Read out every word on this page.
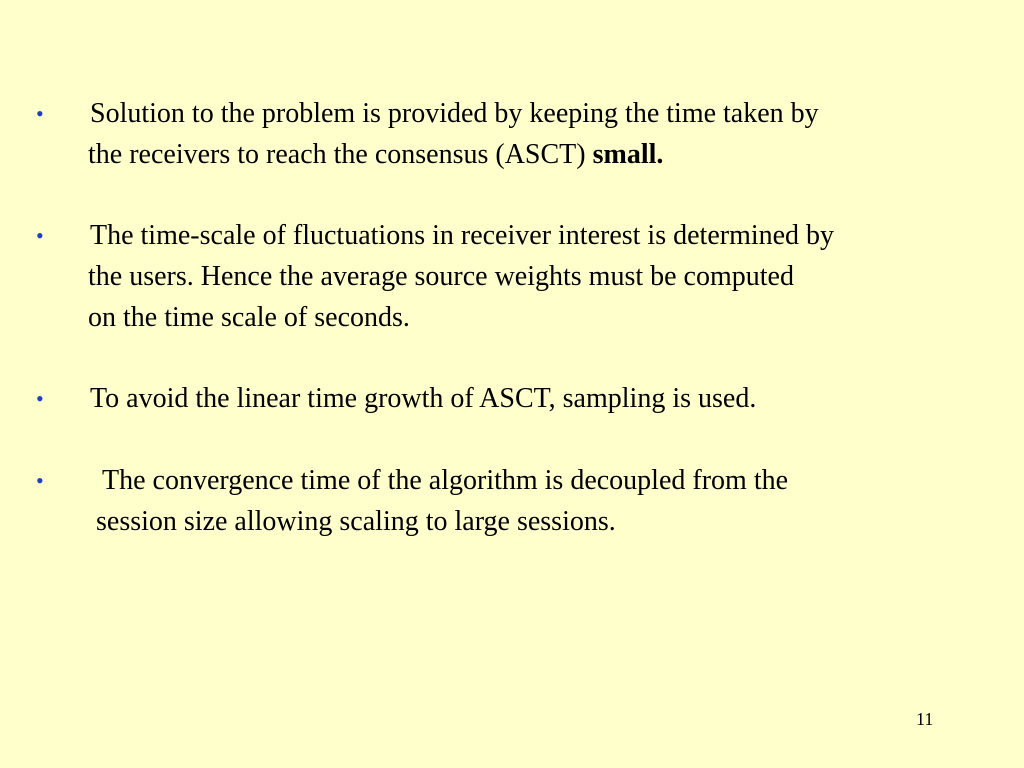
• Solution to the problem is provided by keeping the time taken by
the receivers to reach the consensus (ASCT) small.
• The time-scale of fluctuations in receiver interest is determined by
the users. Hence the average source weights must be computed
on the time scale of seconds.
• To avoid the linear time growth of ASCT, sampling is used.
• The convergence time of the algorithm is decoupled from the
session size allowing scaling to large sessions.
11
